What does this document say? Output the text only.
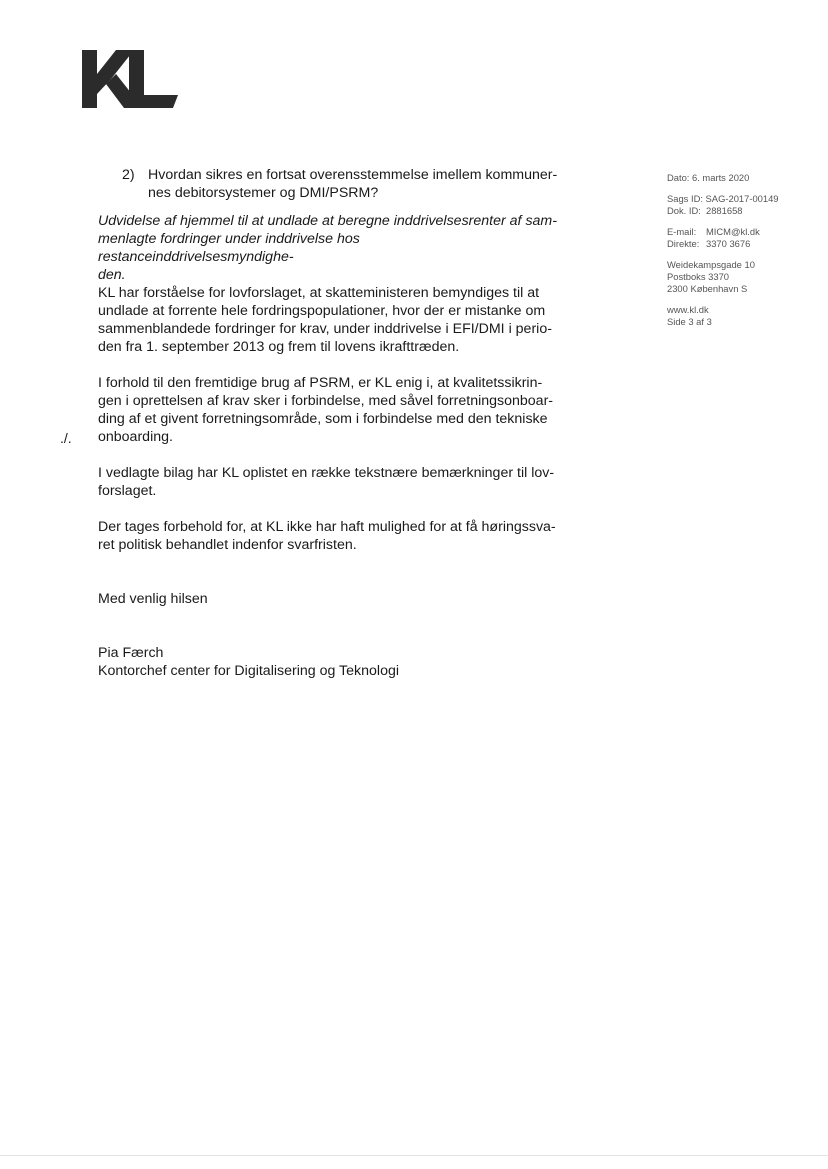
2) Hvordan sikres en fortsat overensstemmelse imellem kommuner-
nes debitorsystemer og DMI/PSRM?

Udvidelse af hjemmel til at undlade at beregne inddrivelsesrenter af sam-
menlagte fordringer under inddrivelse hos restanceinddrivelsesmyndighe-
den.

KL har forståelse for lovforslaget, at skatteministeren bemyndiges til at
undlade at forrente hele fordringspopulationer, hvor der er mistanke om
sammenblandede fordringer for krav, under inddrivelse i EFI/DMI i perio-
den fra 1. september 2013 og frem til lovens ikrafttræden.

I forhold til den fremtidige brug af PSRM, er KL enig i, at kvalitetssikrin-
gen i oprettelsen af krav sker i forbindelse, med såvel forretningsonboar-
ding af et givent forretningsområde, som i forbindelse med den tekniske
onboarding.

I vedlagte bilag har KL oplistet en række tekstnære bemærkninger til lov-
forslaget.

Der tages forbehold for, at KL ikke har haft mulighed for at få høringssva-
ret politisk behandlet indenfor svarfristen.

Med venlig hilsen

Pia Færch

Kontorchef center for Digitalisering og Teknologi

./.
Dato: 6. marts 2020
Sags ID: SAG-2017-00149
Dok. ID: 2881658
E-mail: MICM@kl.dk
Direkte: 3370 3676
Weidekampsgade 10
Postboks 3370
2300 København S
www.kl.dk
Side 3 af 3
